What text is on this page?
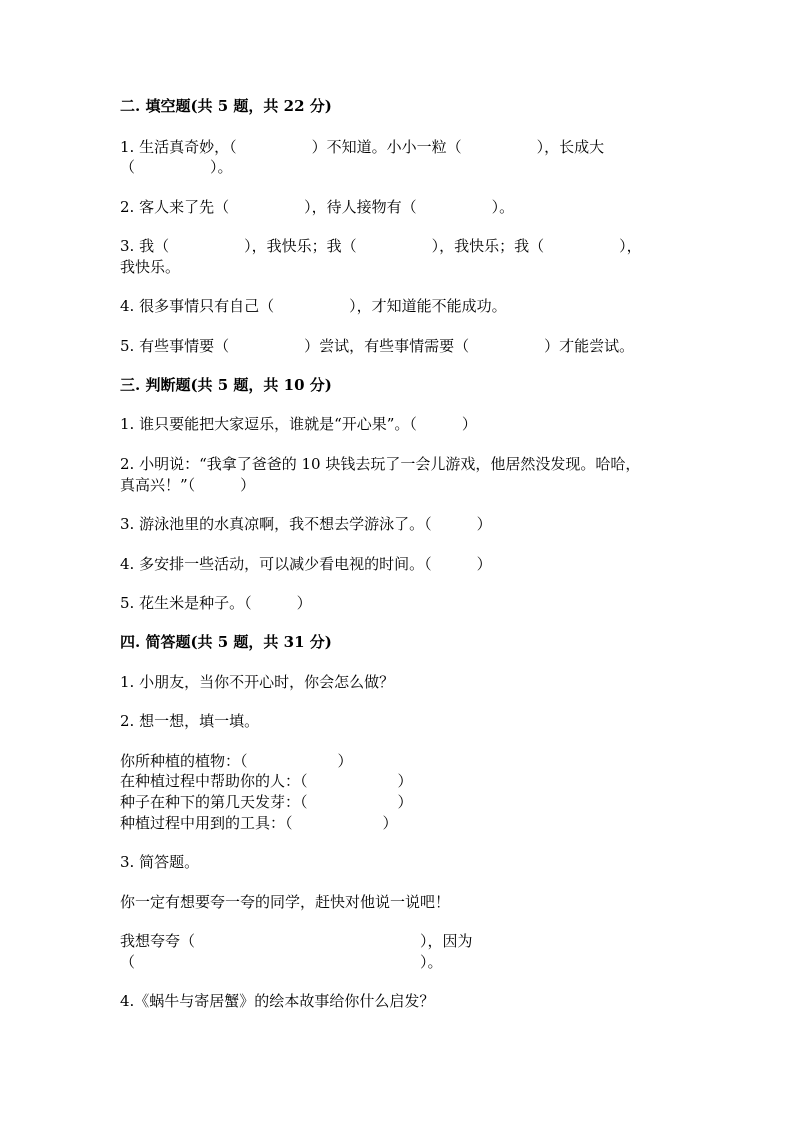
二. 填空题(共 5 题，共 22 分)
1. 生活真奇妙，（　　　　　）不知道。小小一粒（　　　　　），长成大
（　　　　　）。
2. 客人来了先（　　　　　），待人接物有（　　　　　）。
3. 我（　　　　　），我快乐；我（　　　　　），我快乐；我（　　　　　），
我快乐。
4. 很多事情只有自己（　　　　　），才知道能不能成功。
5. 有些事情要（　　　　　）尝试，有些事情需要（　　　　　）才能尝试。
三. 判断题(共 5 题，共 10 分)
1. 谁只要能把大家逗乐，谁就是“开心果”。（　　　）
2. 小明说：“我拿了爸爸的 10 块钱去玩了一会儿游戏，他居然没发现。哈哈，
真高兴！”（　　　）
3. 游泳池里的水真凉啊，我不想去学游泳了。（　　　）
4. 多安排一些活动，可以减少看电视的时间。（　　　）
5. 花生米是种子。（　　　）
四. 简答题(共 5 题，共 31 分)
1. 小朋友，当你不开心时，你会怎么做？
2. 想一想，填一填。
你所种植的植物：（　　　　　　）
在种植过程中帮助你的人：（　　　　　　）
种子在种下的第几天发芽：（　　　　　　）
种植过程中用到的工具：（　　　　　　）
3. 简答题。
你一定有想要夸一夸的同学，赶快对他说一说吧！
我想夸夸（　　　　　　　　　　　　　　　），因为
（　　　　　　　　　　　　　　　　　　　）。
4.《蜗牛与寄居蟹》的绘本故事给你什么启发？
